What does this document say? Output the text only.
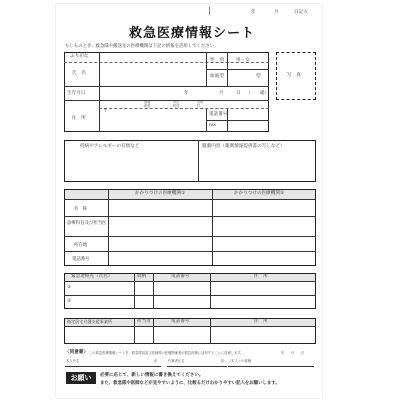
年	月	日記入
救急医療情報シート
もしものとき、救急隊や搬送先の医療機関は下記の情報を活用してください。
ふりがな
氏　名
性　別	男・女
血液型	型
生年月日	年	月	日 （　　歳）
住　所
都道
府県
市区
町村
区町
村
〒
電話番号
FAX
写　真
持病やアレルギーの有無など	服薬内容（薬剤情報提供書の写しなど）
かかりつけの医療機関①	かかりつけの医療機関②
名　称
診療科目及び担当医
所在地
電話番号
緊急連絡先（氏名）	続柄	電話番号	住　所
①
②
指定居宅介護支援事業所	担当者	電話番号	住　所
〈同意書〉 この救急医療情報シートを、救急隊員及び医師等の医療関係者が救急医療に活用することに同意します。	年　　月　　日
本人氏名	㊞	代筆者氏名	㊞ （本人との続柄
お願い	必要に応じて、新しい情報に書き換えてください。
また、救急隊や医師などが見やすいように、比較るだけわかりやすい記入をお願いします。
